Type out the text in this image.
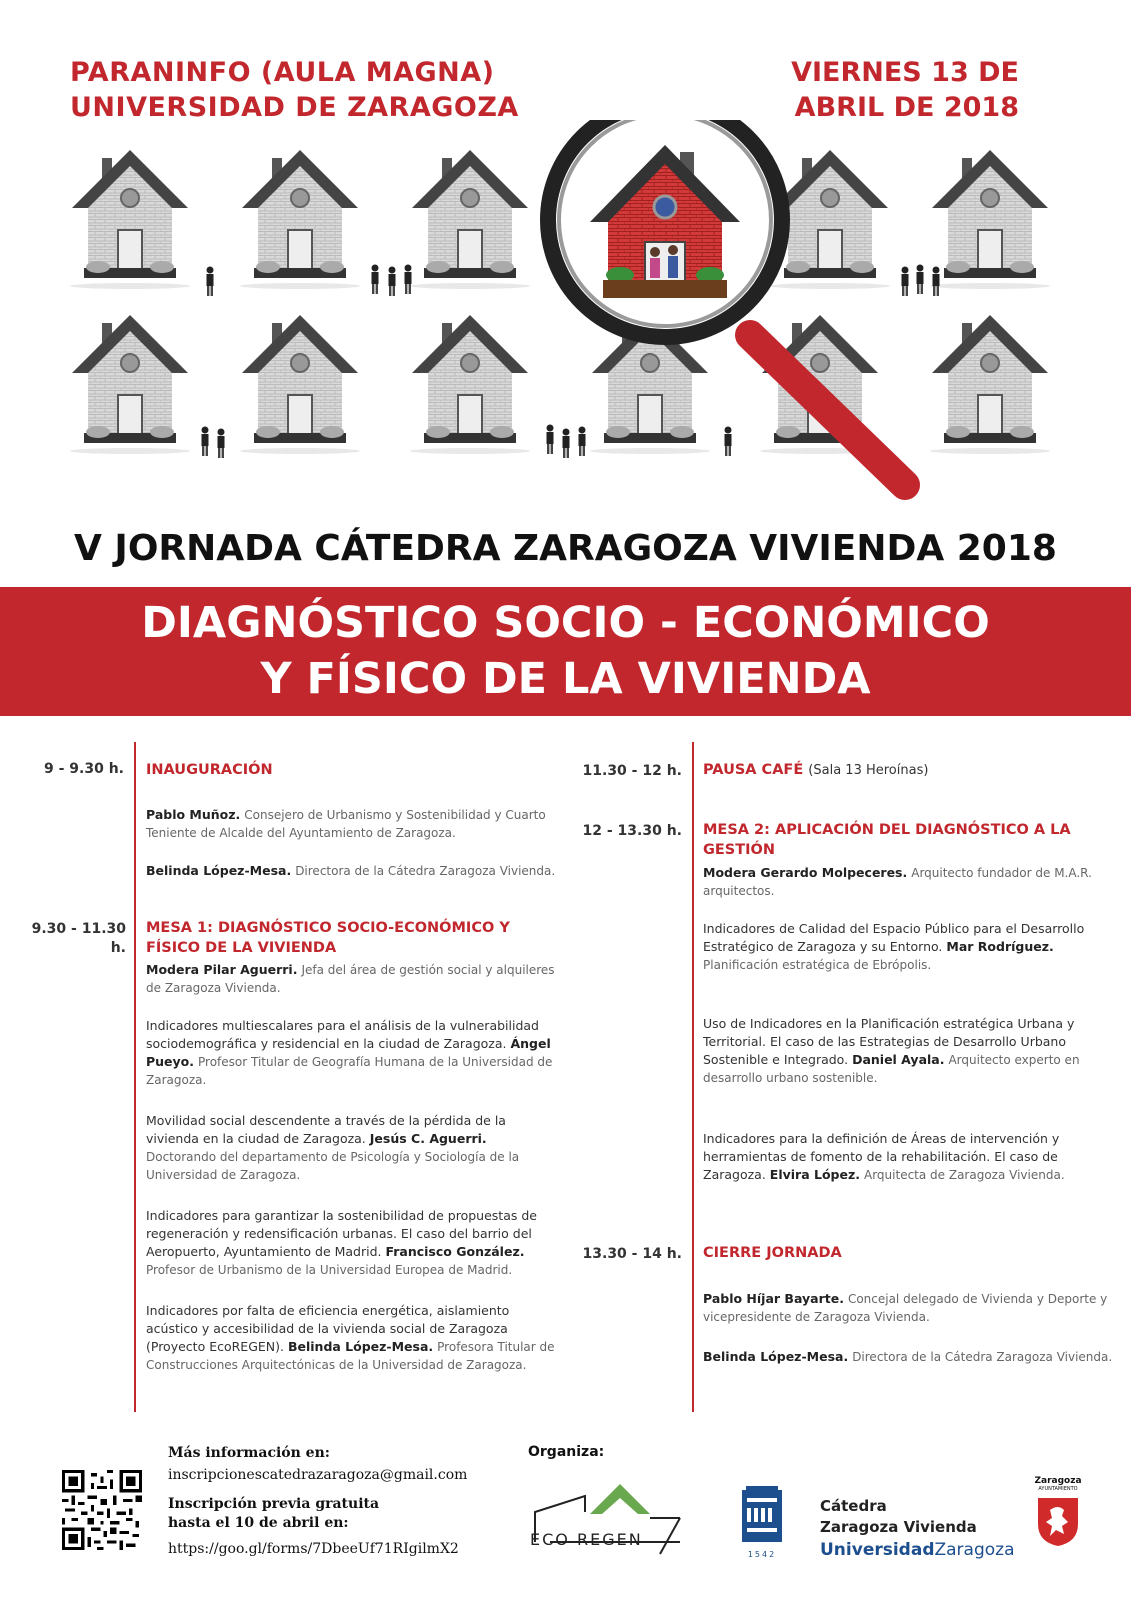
PARANINFO (AULA MAGNA)
UNIVERSIDAD DE ZARAGOZA
VIERNES 13 DE
ABRIL DE 2018
V JORNADA CÁTEDRA ZARAGOZA VIVIENDA 2018
DIAGNÓSTICO SOCIO - ECONÓMICO
Y FÍSICO DE LA VIVIENDA
9 - 9.30 h. INAUGURACIÓN
Pablo Muñoz. Consejero de Urbanismo y Sostenibilidad y Cuarto Teniente de Alcalde del Ayuntamiento de Zaragoza.
Belinda López-Mesa. Directora de la Cátedra Zaragoza Vivienda.
9.30 - 11.30 h.
MESA 1: DIAGNÓSTICO SOCIO-ECONÓMICO Y FÍSICO DE LA VIVIENDA
Modera Pilar Aguerri. Jefa del área de gestión social y alquileres de Zaragoza Vivienda.
Indicadores multiescalares para el análisis de la vulnerabilidad sociodemográfica y residencial en la ciudad de Zaragoza. Ángel Pueyo. Profesor Titular de Geografía Humana de la Universidad de Zaragoza.
Movilidad social descendente a través de la pérdida de la vivienda en la ciudad de Zaragoza. Jesús C. Aguerri. Doctorando del departamento de Psicología y Sociología de la Universidad de Zaragoza.
Indicadores para garantizar la sostenibilidad de propuestas de regeneración y redensificación urbanas. El caso del barrio del Aeropuerto, Ayuntamiento de Madrid. Francisco González. Profesor de Urbanismo de la Universidad Europea de Madrid.
Indicadores por falta de eficiencia energética, aislamiento acústico y accesibilidad de la vivienda social de Zaragoza (Proyecto EcoREGEN). Belinda López-Mesa. Profesora Titular de Construcciones Arquitectónicas de la Universidad de Zaragoza.
11.30 - 12 h. PAUSA CAFÉ (Sala 13 Heroínas)
12 - 13.30 h. MESA 2: APLICACIÓN DEL DIAGNÓSTICO A LA GESTIÓN
Modera Gerardo Molpeceres. Arquitecto fundador de M.A.R. arquitectos.
Indicadores de Calidad del Espacio Público para el Desarrollo Estratégico de Zaragoza y su Entorno. Mar Rodríguez. Planificación estratégica de Ebrópolis.
Uso de Indicadores en la Planificación estratégica Urbana y Territorial. El caso de las Estrategias de Desarrollo Urbano Sostenible e Integrado. Daniel Ayala. Arquitecto experto en desarrollo urbano sostenible.
Indicadores para la definición de Áreas de intervención y herramientas de fomento de la rehabilitación. El caso de Zaragoza. Elvira López. Arquitecta de Zaragoza Vivienda.
13.30 - 14 h. CIERRE JORNADA
Pablo Híjar Bayarte. Concejal delegado de Vivienda y Deporte y vicepresidente de Zaragoza Vivienda.
Belinda López-Mesa. Directora de la Cátedra Zaragoza Vivienda.
Más información en:
inscripcionescatedrazaragoza@gmail.com
Inscripción previa gratuita hasta el 10 de abril en:
https://goo.gl/forms/7DbeeUf71RIgilmX2
Organiza:
ECO REGEN
1542
Cátedra
Zaragoza Vivienda
UniversidadZaragoza
Zaragoza
AYUNTAMIENTO
